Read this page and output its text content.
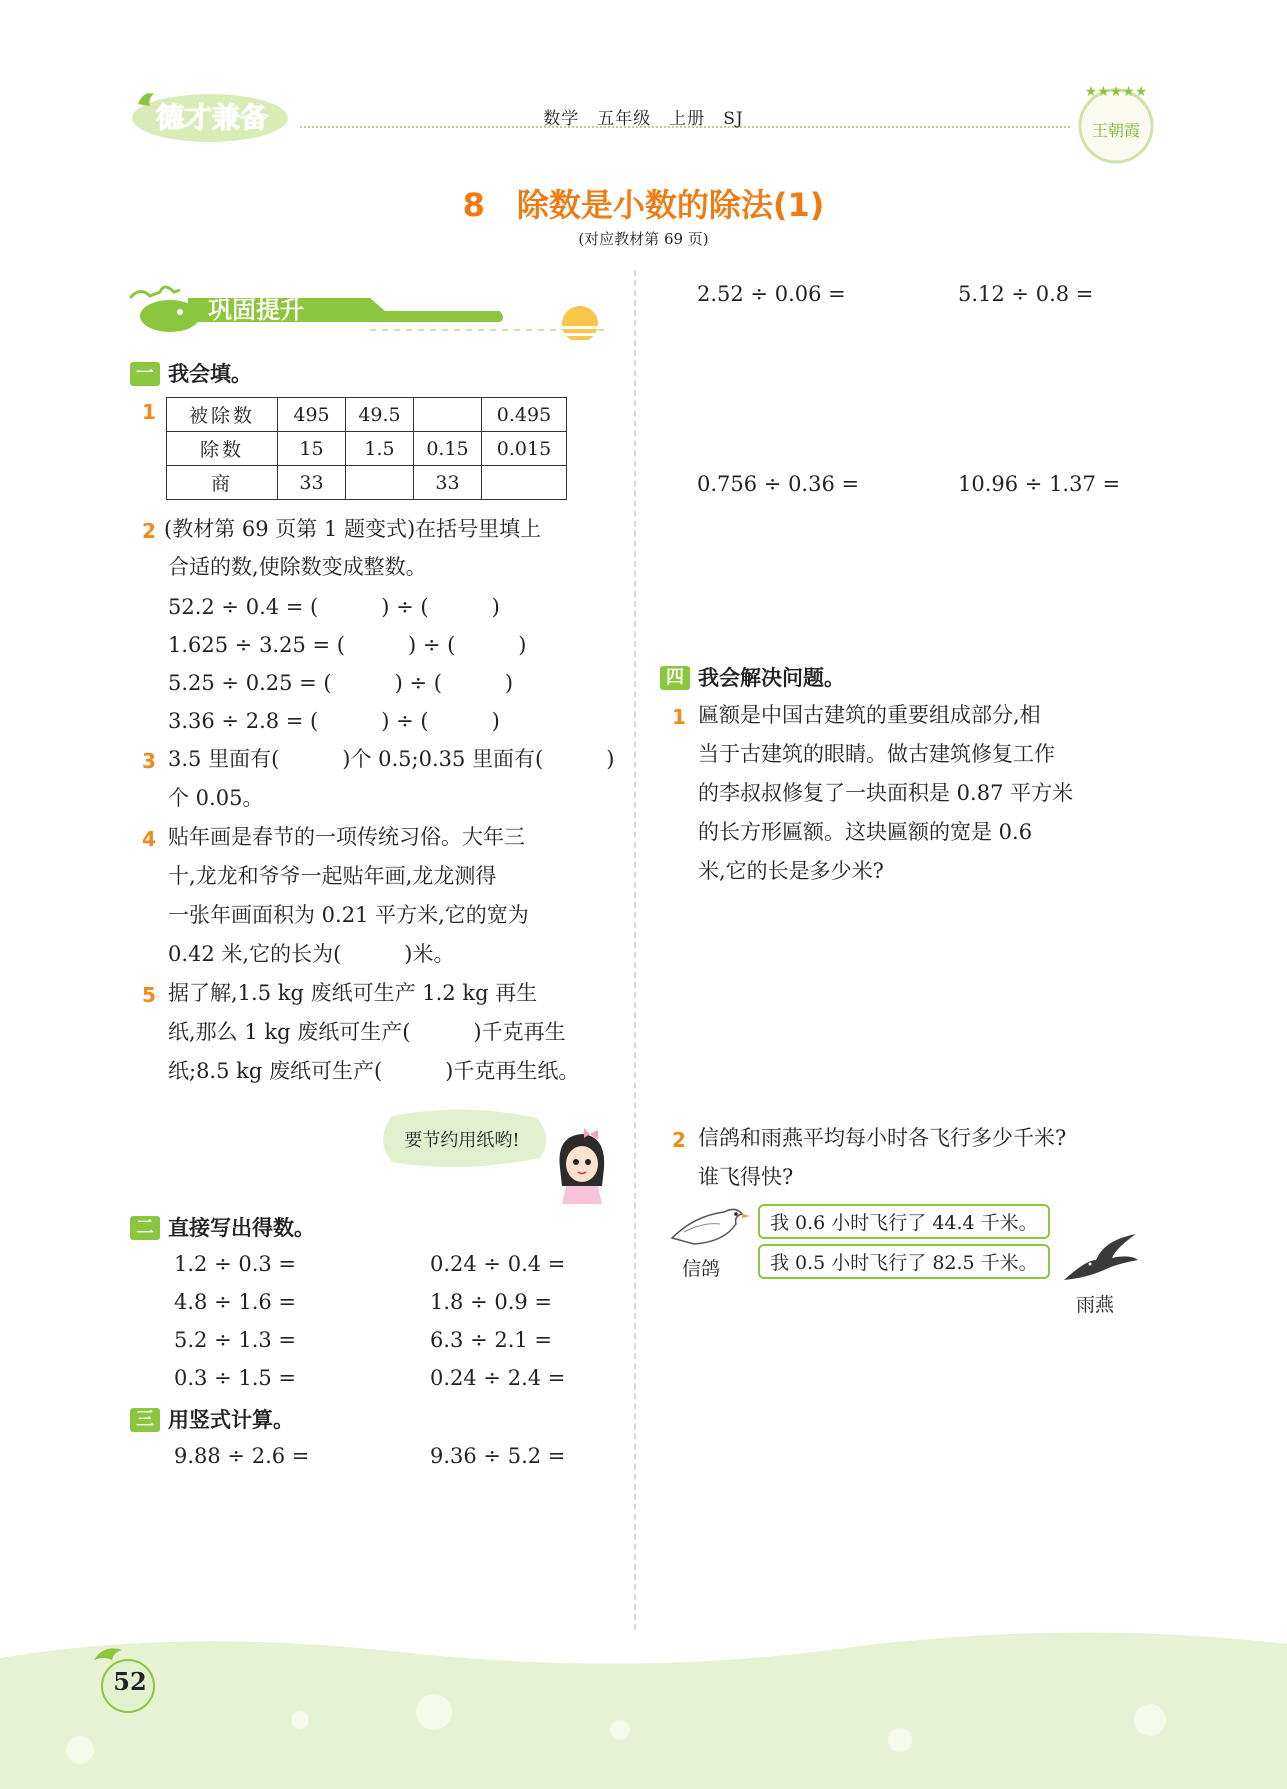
德才兼备	数学　五年级　上册　SJ
★★★★★
王朝霞
8　除数是小数的除法(1)
(对应教材第 69 页)
巩固提升
一 我会填。
1 被除数	495	49.5		0.495
除数	15	1.5	0.15	0.015
商	33		33	
2 (教材第 69 页第 1 题变式)在括号里填上
合适的数,使除数变成整数。
52.2 ÷ 0.4 = (　　　) ÷ (　　　)
1.625 ÷ 3.25 = (　　　) ÷ (　　　)
5.25 ÷ 0.25 = (　　　) ÷ (　　　)
3.36 ÷ 2.8 = (　　　) ÷ (　　　)
3 3.5 里面有(　　　)个 0.5;0.35 里面有(　　　)
个 0.05。
4 贴年画是春节的一项传统习俗。大年三
十,龙龙和爷爷一起贴年画,龙龙测得
一张年画面积为 0.21 平方米,它的宽为
0.42 米,它的长为(　　　)米。
5 据了解,1.5 kg 废纸可生产 1.2 kg 再生
纸,那么 1 kg 废纸可生产(　　　)千克再生
纸;8.5 kg 废纸可生产(　　　)千克再生纸。
要节约用纸哟!
二 直接写出得数。
1.2 ÷ 0.3 =
4.8 ÷ 1.6 =
5.2 ÷ 1.3 =
0.3 ÷ 1.5 =
0.24 ÷ 0.4 =
1.8 ÷ 0.9 =
6.3 ÷ 2.1 =
0.24 ÷ 2.4 =
三 用竖式计算。
9.88 ÷ 2.6 =	9.36 ÷ 5.2 =
2.52 ÷ 0.06 =	5.12 ÷ 0.8 =
0.756 ÷ 0.36 =	10.96 ÷ 1.37 =
四 我会解决问题。
1 匾额是中国古建筑的重要组成部分,相
当于古建筑的眼睛。做古建筑修复工作
的李叔叔修复了一块面积是 0.87 平方米
的长方形匾额。这块匾额的宽是 0.6
米,它的长是多少米?
2 信鸽和雨燕平均每小时各飞行多少千米?
谁飞得快?
信鸽
我 0.6 小时飞行了 44.4 千米。
我 0.5 小时飞行了 82.5 千米。
雨燕
52
